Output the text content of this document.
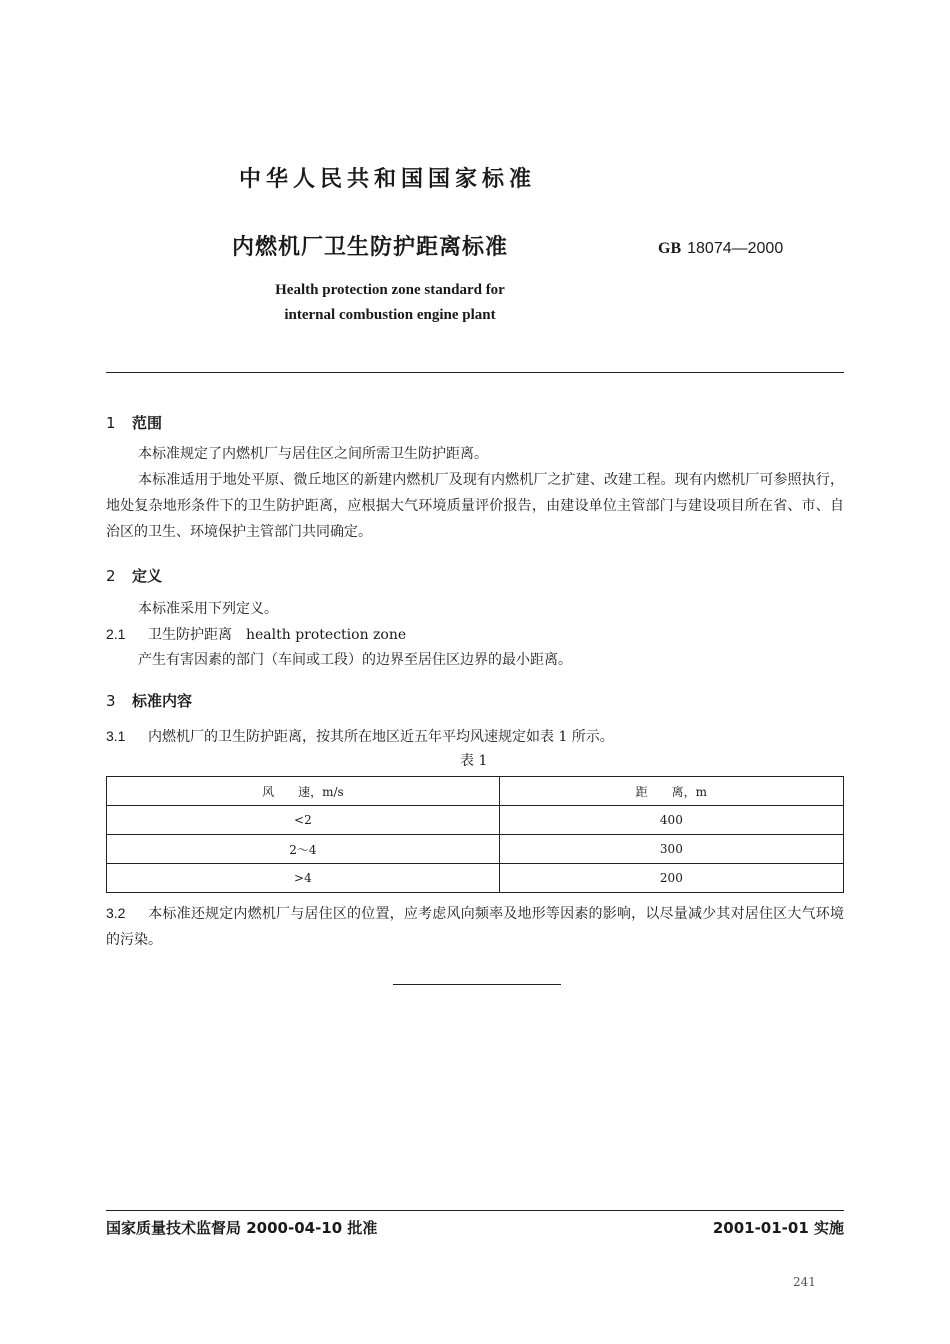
中华人民共和国国家标准
内燃机厂卫生防护距离标准	GB 18074—2000
Health protection zone standard for
internal combustion engine plant
1 范围
本标准规定了内燃机厂与居住区之间所需卫生防护距离。
本标准适用于地处平原、微丘地区的新建内燃机厂及现有内燃机厂之扩建、改建工程。现有内燃机厂可参照执行，地处复杂地形条件下的卫生防护距离，应根据大气环境质量评价报告，由建设单位主管部门与建设项目所在省、市、自治区的卫生、环境保护主管部门共同确定。
2 定义
本标准采用下列定义。
2.1 卫生防护距离　health protection zone
产生有害因素的部门（车间或工段）的边界至居住区边界的最小距离。
3 标准内容
3.1 内燃机厂的卫生防护距离，按其所在地区近五年平均风速规定如表 1 所示。
表 1
风　　速，m/s	距　　离，m
<2	400
2～4	300
>4	200
3.2 本标准还规定内燃机厂与居住区的位置，应考虑风向频率及地形等因素的影响，以尽量减少其对居住区大气环境的污染。
国家质量技术监督局 2000-04-10 批准	2001-01-01 实施
241
